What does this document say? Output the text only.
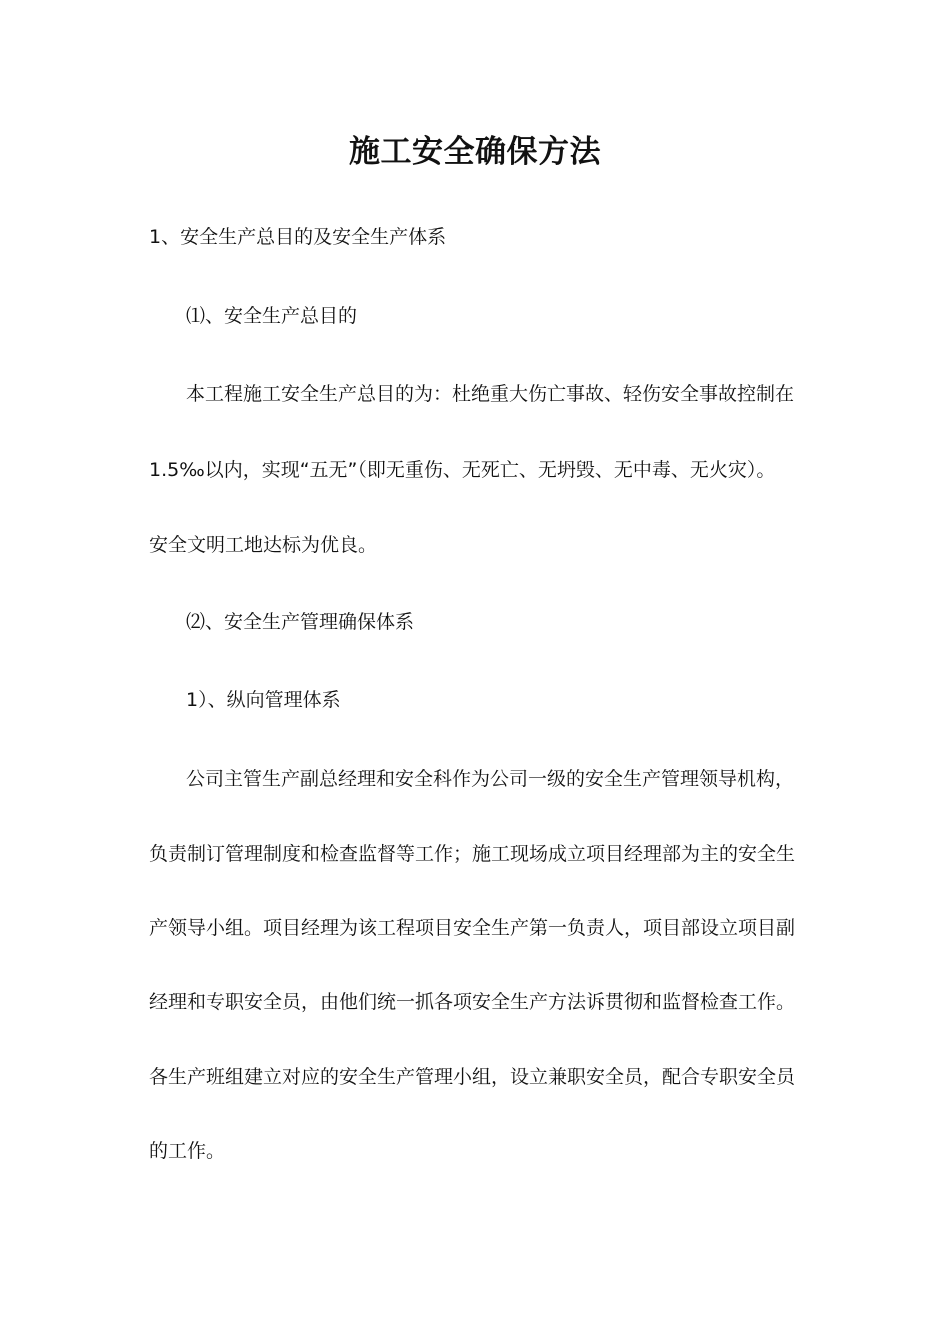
施工安全确保方法
1、安全生产总目的及安全生产体系
⑴、安全生产总目的
本工程施工安全生产总目的为：杜绝重大伤亡事故、轻伤安全事故控制在
1.5‰以内，实现“五无”（即无重伤、无死亡、无坍毁、无中毒、无火灾）。
安全文明工地达标为优良。
⑵、安全生产管理确保体系
1）、纵向管理体系
公司主管生产副总经理和安全科作为公司一级的安全生产管理领导机构，
负责制订管理制度和检查监督等工作；施工现场成立项目经理部为主的安全生
产领导小组。项目经理为该工程项目安全生产第一负责人，项目部设立项目副
经理和专职安全员，由他们统一抓各项安全生产方法诉贯彻和监督检查工作。
各生产班组建立对应的安全生产管理小组，设立兼职安全员，配合专职安全员
的工作。
